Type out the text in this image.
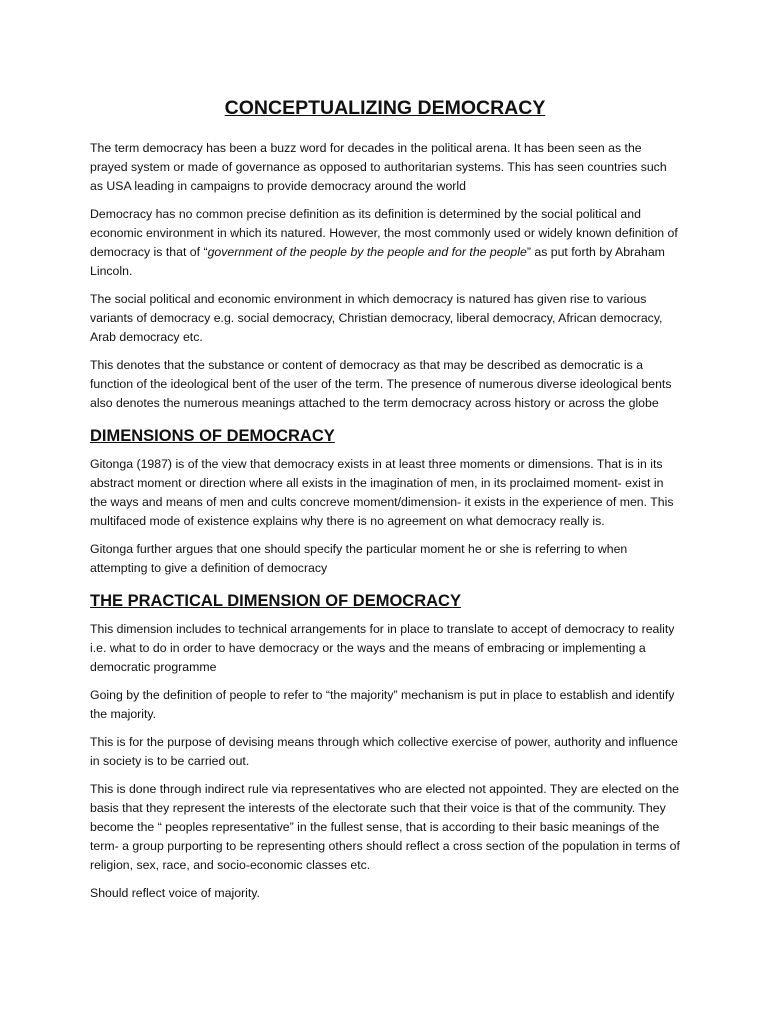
CONCEPTUALIZING DEMOCRACY

The term democracy has been a buzz word for decades in the political arena. It has been seen as the prayed system or made of governance as opposed to authoritarian systems. This has seen countries such as USA leading in campaigns to provide democracy around the world

Democracy has no common precise definition as its definition is determined by the social political and economic environment in which its natured. However, the most commonly used or widely known definition of democracy is that of “government of the people by the people and for the people” as put forth by Abraham Lincoln.

The social political and economic environment in which democracy is natured has given rise to various variants of democracy e.g. social democracy, Christian democracy, liberal democracy, African democracy, Arab democracy etc.

This denotes that the substance or content of democracy as that may be described as democratic is a function of the ideological bent of the user of the term. The presence of numerous diverse ideological bents also denotes the numerous meanings attached to the term democracy across history or across the globe

DIMENSIONS OF DEMOCRACY

Gitonga (1987) is of the view that democracy exists in at least three moments or dimensions. That is in its abstract moment or direction where all exists in the imagination of men, in its proclaimed moment- exist in the ways and means of men and cults concreve moment/dimension- it exists in the experience of men. This multifaced mode of existence explains why there is no agreement on what democracy really is.

Gitonga further argues that one should specify the particular moment he or she is referring to when attempting to give a definition of democracy

THE PRACTICAL DIMENSION OF DEMOCRACY

This dimension includes to technical arrangements for in place to translate to accept of democracy to reality i.e. what to do in order to have democracy or the ways and the means of embracing or implementing a democratic programme

Going by the definition of people to refer to “the majority” mechanism is put in place to establish and identify the majority.

This is for the purpose of devising means through which collective exercise of power, authority and influence in society is to be carried out.

This is done through indirect rule via representatives who are elected not appointed. They are elected on the basis that they represent the interests of the electorate such that their voice is that of the community. They become the “ peoples representative” in the fullest sense, that is according to their basic meanings of the term- a group purporting to be representing others should reflect a cross section of the population in terms of religion, sex, race, and socio-economic classes etc.

Should reflect voice of majority.
